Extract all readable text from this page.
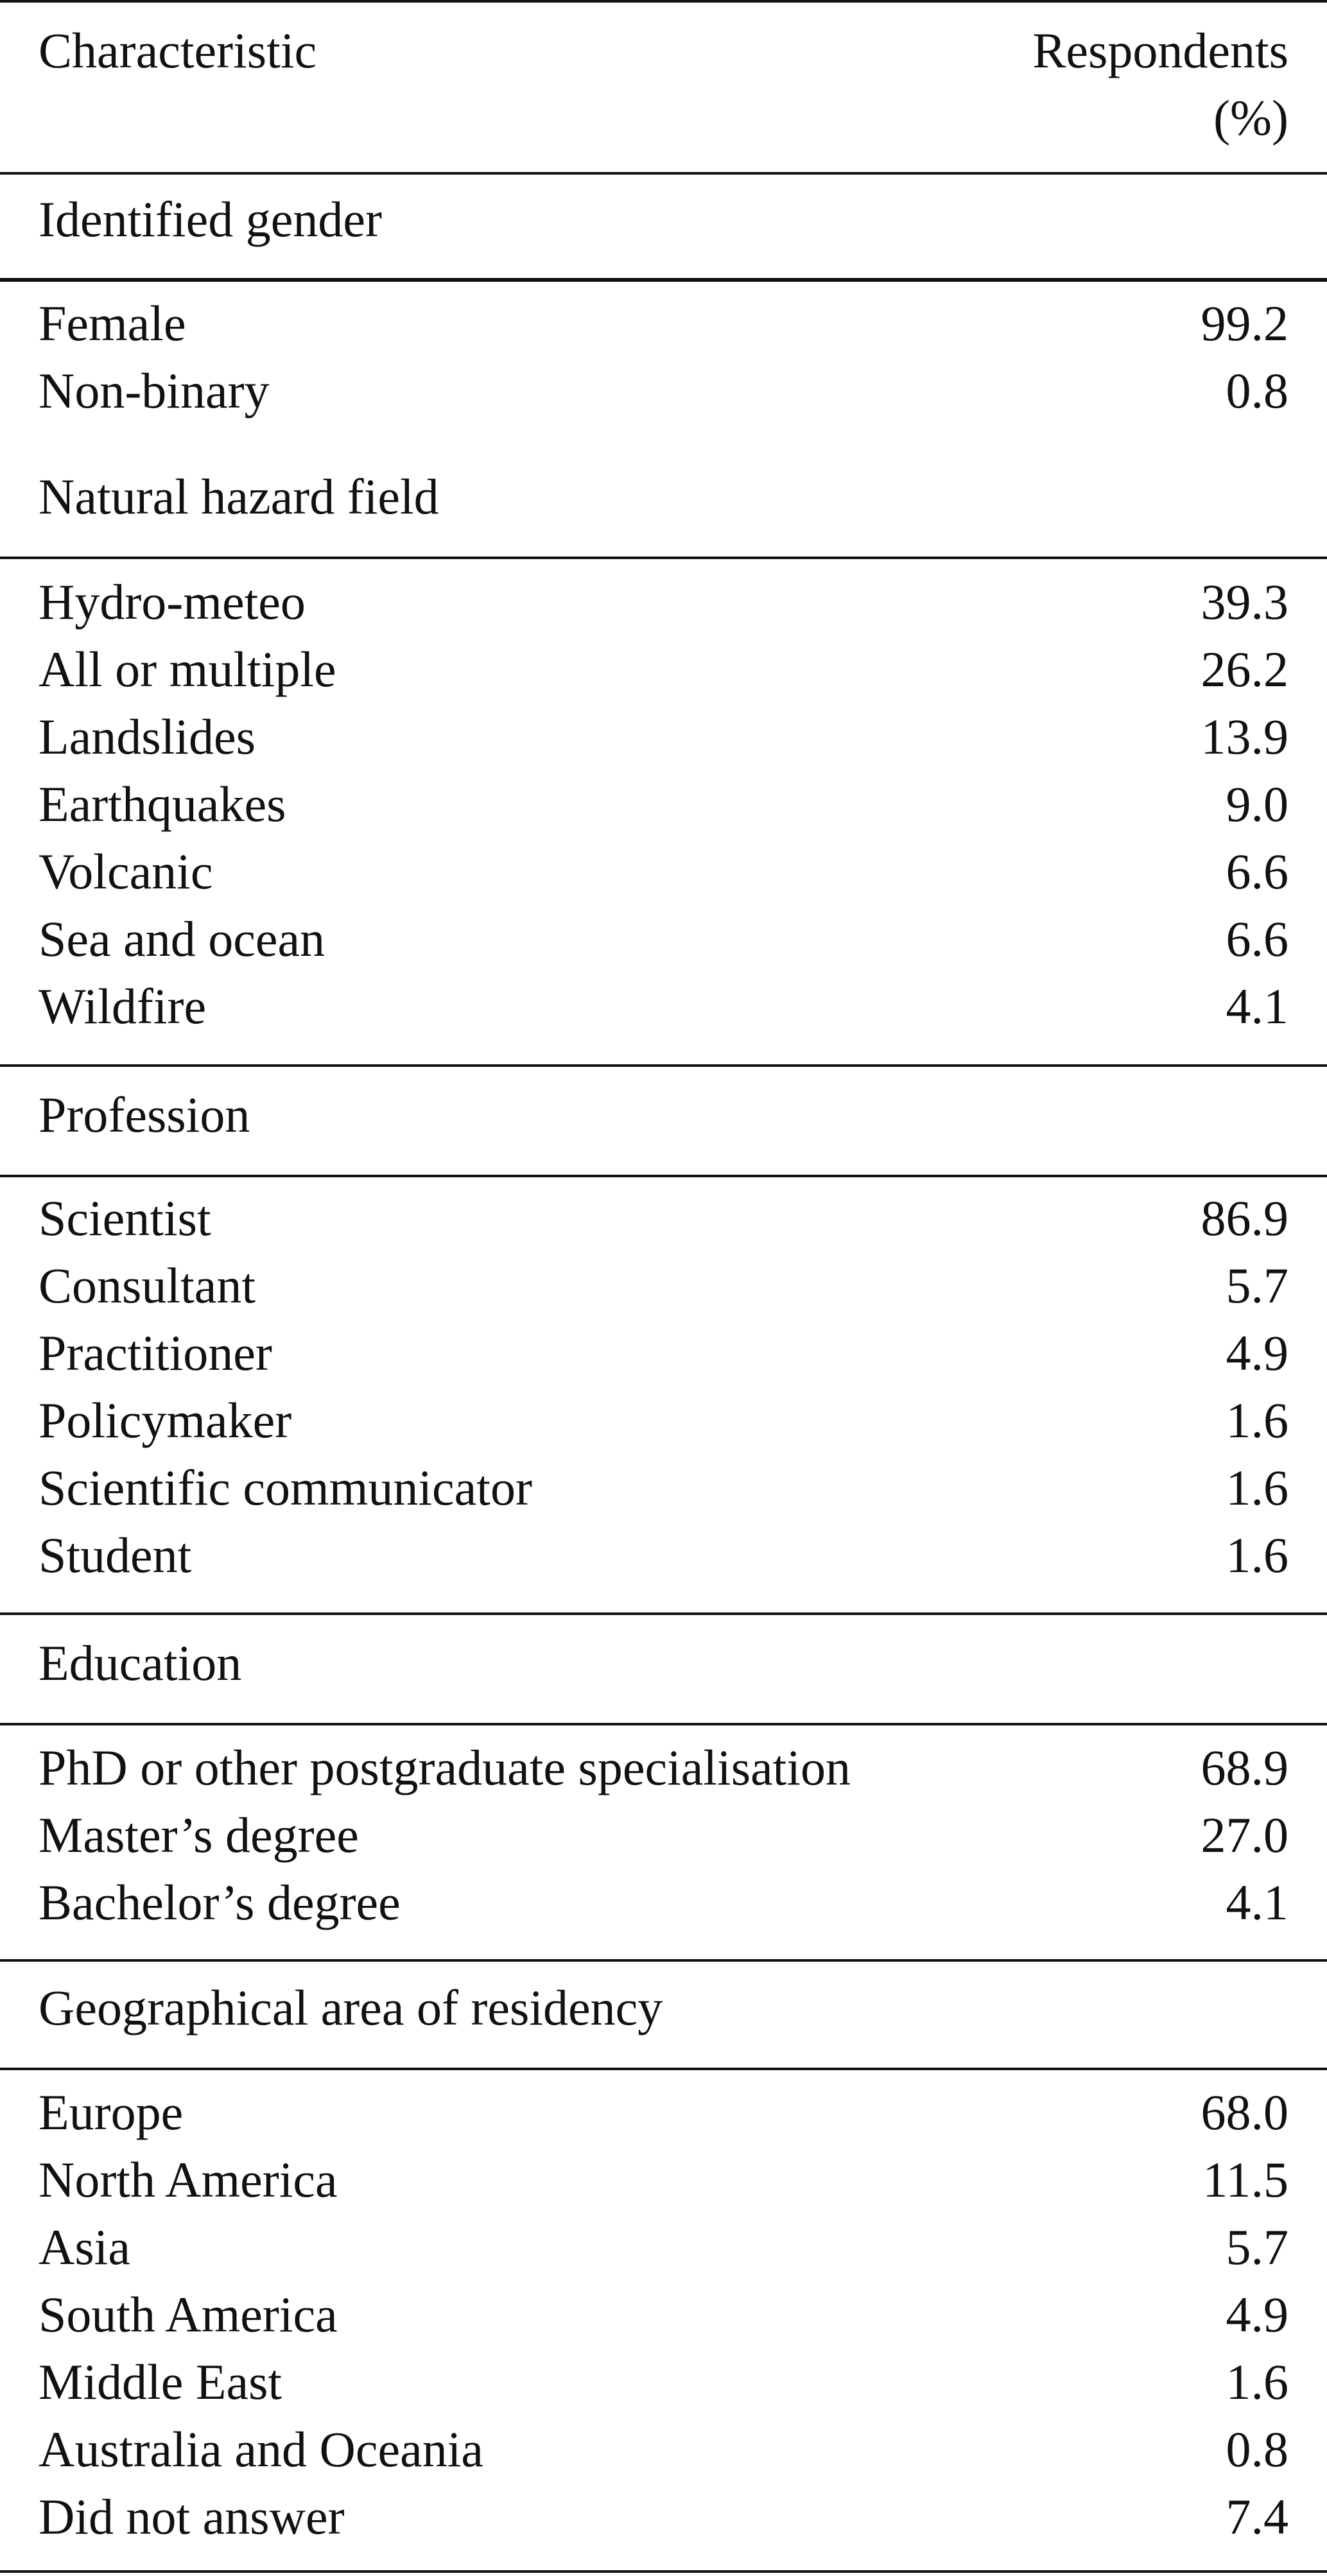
Characteristic	Respondents
(%)
Identified gender
Female	99.2
Non-binary	0.8
Natural hazard field
Hydro-meteo	39.3
All or multiple	26.2
Landslides	13.9
Earthquakes	9.0
Volcanic	6.6
Sea and ocean	6.6
Wildfire	4.1
Profession
Scientist	86.9
Consultant	5.7
Practitioner	4.9
Policymaker	1.6
Scientific communicator	1.6
Student	1.6
Education
PhD or other postgraduate specialisation	68.9
Master’s degree	27.0
Bachelor’s degree	4.1
Geographical area of residency
Europe	68.0
North America	11.5
Asia	5.7
South America	4.9
Middle East	1.6
Australia and Oceania	0.8
Did not answer	7.4
